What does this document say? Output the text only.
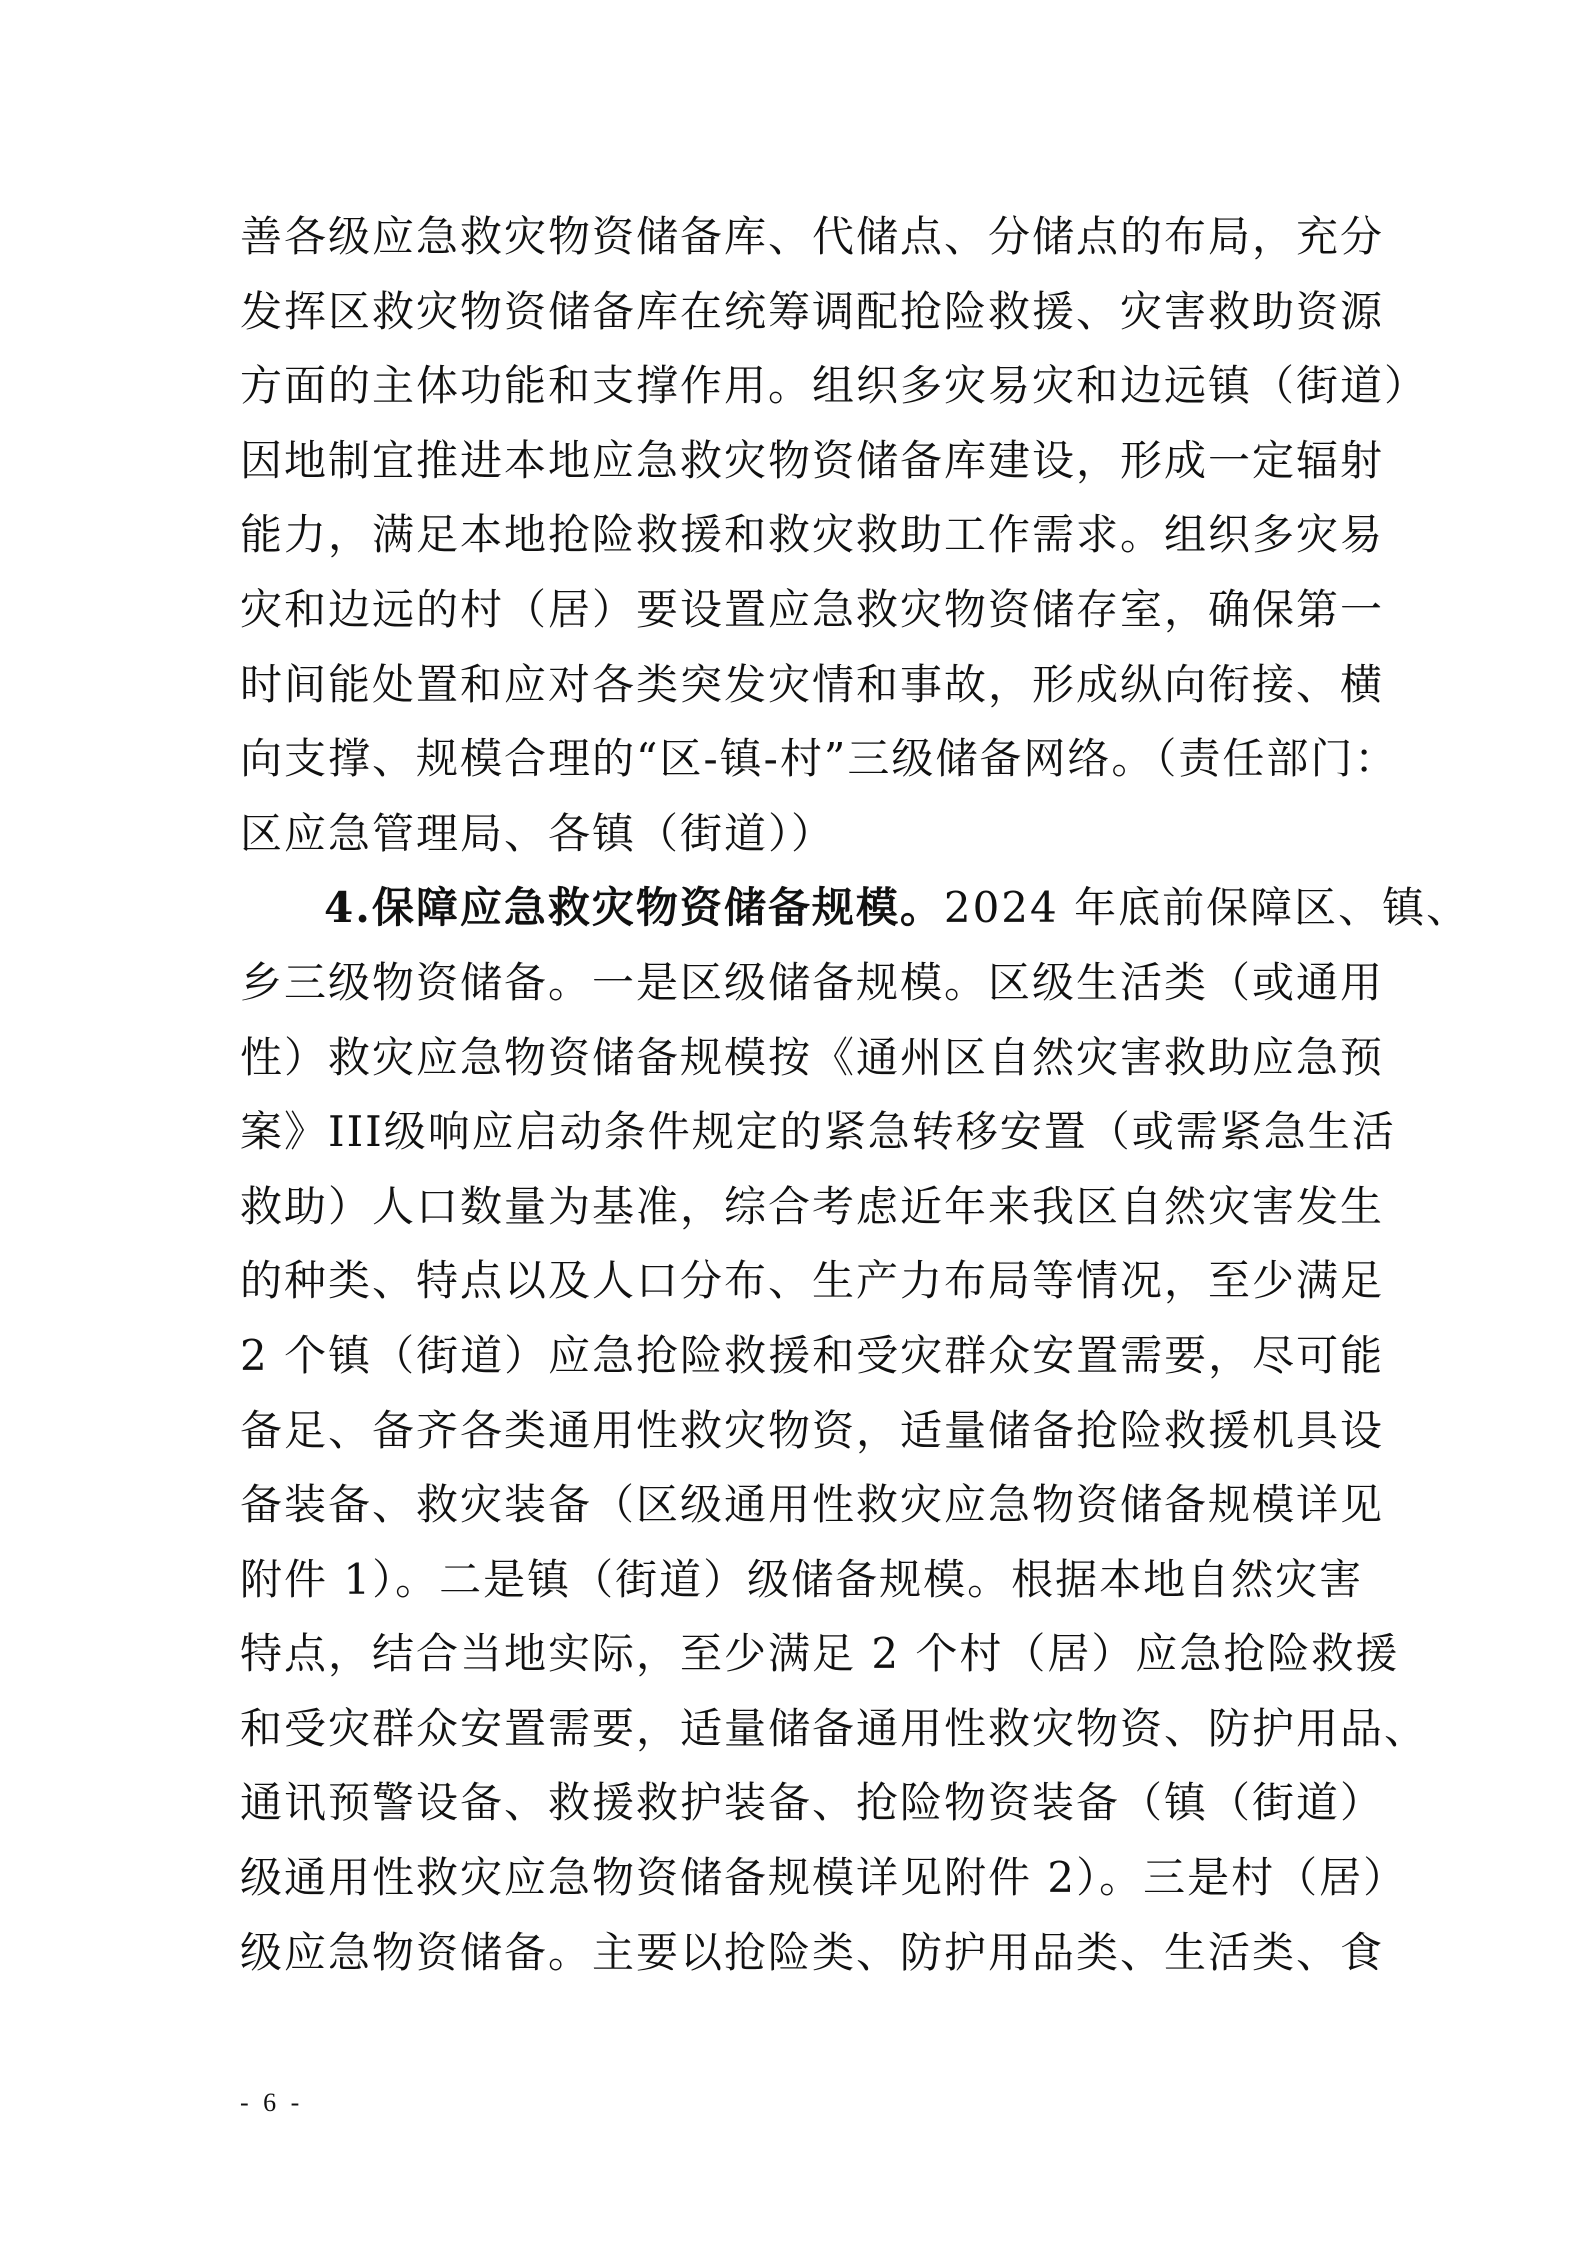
善各级应急救灾物资储备库、代储点、分储点的布局，充分
发挥区救灾物资储备库在统筹调配抢险救援、灾害救助资源
方面的主体功能和支撑作用。组织多灾易灾和边远镇（街道）
因地制宜推进本地应急救灾物资储备库建设，形成一定辐射
能力，满足本地抢险救援和救灾救助工作需求。组织多灾易
灾和边远的村（居）要设置应急救灾物资储存室，确保第一
时间能处置和应对各类突发灾情和事故，形成纵向衔接、横
向支撑、规模合理的“区-镇-村”三级储备网络。（责任部门：
区应急管理局、各镇（街道））
4.保障应急救灾物资储备规模。2024 年底前保障区、镇、
乡三级物资储备。一是区级储备规模。区级生活类（或通用
性）救灾应急物资储备规模按《通州区自然灾害救助应急预
案》III级响应启动条件规定的紧急转移安置（或需紧急生活
救助）人口数量为基准，综合考虑近年来我区自然灾害发生
的种类、特点以及人口分布、生产力布局等情况，至少满足
2 个镇（街道）应急抢险救援和受灾群众安置需要，尽可能
备足、备齐各类通用性救灾物资，适量储备抢险救援机具设
备装备、救灾装备（区级通用性救灾应急物资储备规模详见
附件 1）。二是镇（街道）级储备规模。根据本地自然灾害
特点，结合当地实际，至少满足 2 个村（居）应急抢险救援
和受灾群众安置需要，适量储备通用性救灾物资、防护用品、
通讯预警设备、救援救护装备、抢险物资装备（镇（街道）
级通用性救灾应急物资储备规模详见附件 2）。三是村（居）
级应急物资储备。主要以抢险类、防护用品类、生活类、食
- 6 -
